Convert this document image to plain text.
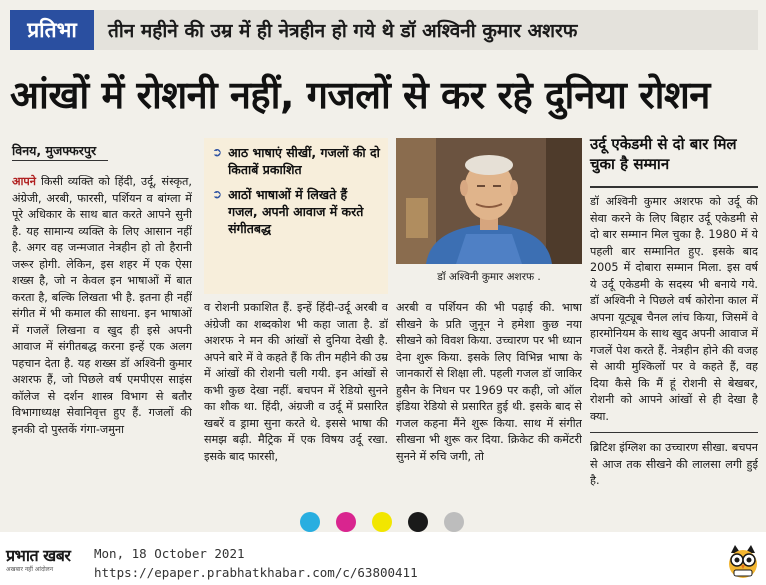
प्रतिभा	तीन महीने की उम्र में ही नेत्रहीन हो गये थे डॉ अश्विनी कुमार अशरफ
आंखों में रोशनी नहीं, गजलों से कर रहे दुनिया रोशन
विनय, मुजफ्फरपुर
आपने किसी व्यक्ति को हिंदी, उर्दू, संस्कृत, अंग्रेजी, अरबी, फारसी, पर्शियन व बांग्ला में पूरे अधिकार के साथ बात करते आपने सुनी है. यह सामान्य व्यक्ति के लिए आसान नहीं है. अगर वह जन्मजात नेत्रहीन हो तो हैरानी जरूर होगी. लेकिन, इस शहर में एक ऐसा शख्स है, जो न केवल इन भाषाओं में बात करता है, बल्कि लिखता भी है. इतना ही नहीं संगीत में भी कमाल की साधना. इन भाषाओं में गजलें लिखना व खुद ही इसे अपनी आवाज में संगीतबद्ध करना इन्हें एक अलग पहचान देता है. यह शख्स डॉ अश्विनी कुमार अशरफ हैं, जो पिछले वर्ष एमपीएस साइंस कॉलेज से दर्शन शास्त्र विभाग से बतौर विभागाध्यक्ष सेवानिवृत्त हुए हैं. गजलों की इनकी दो पुस्तकें गंगा-जमुना
➲ आठ भाषाएं सीखीं, गजलों की दो किताबें प्रकाशित
➲ आठों भाषाओं में लिखते हैं गजल, अपनी आवाज में करते संगीतबद्ध
डॉ अश्विनी कुमार अशरफ .
व रोशनी प्रकाशित हैं. इन्हें हिंदी-उर्दू अरबी व अंग्रेजी का शब्दकोश भी कहा जाता है. डॉ अशरफ ने मन की आंखों से दुनिया देखी है. अपने बारे में वे कहते हैं कि तीन महीने की उम्र में आंखों की रोशनी चली गयी. इन आंखों से कभी कुछ देखा नहीं. बचपन में रेडियो सुनने का शौक था. हिंदी, अंग्रजी व उर्दू में प्रसारित खबरें व ड्रामा सुना करते थे. इससे भाषा की समझ बढ़ी. मैट्रिक में एक विषय उर्दू रखा. इसके बाद फारसी,
अरबी व पर्शियन की भी पढ़ाई की. भाषा सीखने के प्रति जुनून ने हमेशा कुछ नया सीखने को विवश किया. उच्चारण पर भी ध्यान देना शुरू किया. इसके लिए विभिन्न भाषा के जानकारों से शिक्षा ली. पहली गजल डॉ जाकिर हुसैन के निधन पर 1969 पर कही, जो ऑल इंडिया रेडियो से प्रसारित हुई थी. इसके बाद से गजल कहना मैंने शुरू किया. साथ में संगीत सीखना भी शुरू कर दिया. क्रिकेट की कमेंटरी सुनने में रुचि जगी, तो
उर्दू एकेडमी से दो बार मिल चुका है सम्मान
डॉ अश्विनी कुमार अशरफ को उर्दू की सेवा करने के लिए बिहार उर्दू एकेडमी से दो बार सम्मान मिल चुका है. 1980 में ये पहली बार सम्मानित हुए. इसके बाद 2005 में दोबारा सम्मान मिला. इस वर्ष ये उर्दू एकेडमी के सदस्य भी बनाये गये. डॉ अश्विनी ने पिछले वर्ष कोरोना काल में अपना यूट्यूब चैनल लांच किया, जिसमें वे हारमोनियम के साथ खुद अपनी आवाज में गजलें पेश करते हैं. नेत्रहीन होने की वजह से आयी मुश्किलों पर वे कहते हैं, वह दिया कैसे कि मैं हूं रोशनी से बेखबर, रोशनी को आपने आंखों से ही देखा है क्या.
ब्रिटिश इंग्लिश का उच्चारण सीखा. बचपन से आज तक सीखने की लालसा लगी हुई है.
प्रभात खबर
अखबार नहीं आंदोलन
Mon, 18 October 2021
https://epaper.prabhatkhabar.com/c/63800411
